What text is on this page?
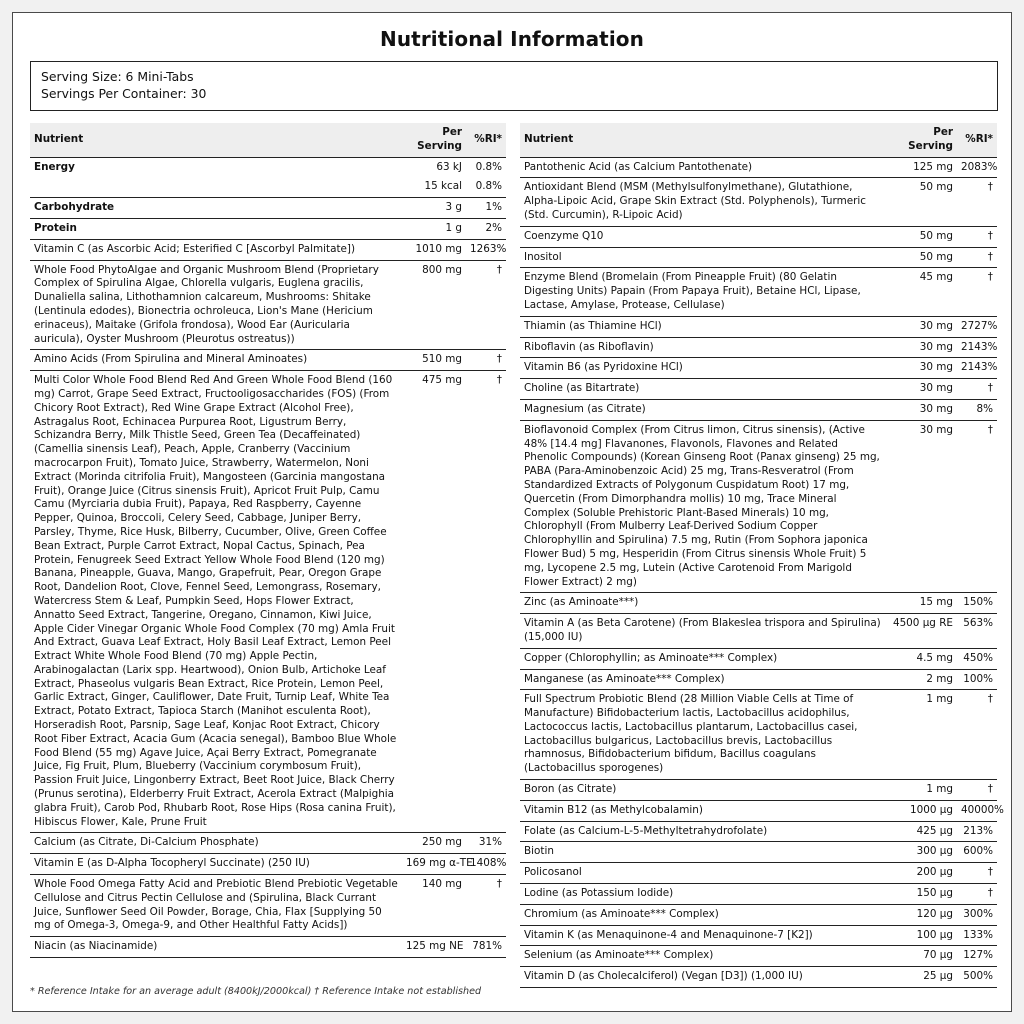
Nutritional Information
Serving Size: 6 Mini-Tabs
Servings Per Container: 30
Nutrient	Per Serving	%RI*
Energy	63 kJ	0.8%
	15 kcal	0.8%
Carbohydrate	3 g	1%
Protein	1 g	2%
Vitamin C (as Ascorbic Acid; Esterified C [Ascorbyl Palmitate])	1010 mg	1263%
Whole Food PhytoAlgae and Organic Mushroom Blend (Proprietary Complex of Spirulina Algae, Chlorella vulgaris, Euglena gracilis, Dunaliella salina, Lithothamnion calcareum, Mushrooms: Shitake (Lentinula edodes), Bionectria ochroleuca, Lion's Mane (Hericium erinaceus), Maitake (Grifola frondosa), Wood Ear (Auricularia auricula), Oyster Mushroom (Pleurotus ostreatus))	800 mg	†
Amino Acids (From Spirulina and Mineral Aminoates)	510 mg	†
Multi Color Whole Food Blend Red And Green Whole Food Blend (160 mg) Carrot, Grape Seed Extract, Fructooligosaccharides (FOS) (From Chicory Root Extract), Red Wine Grape Extract (Alcohol Free), Astragalus Root, Echinacea Purpurea Root, Ligustrum Berry, Schizandra Berry, Milk Thistle Seed, Green Tea (Decaffeinated) (Camellia sinensis Leaf), Peach, Apple, Cranberry (Vaccinium macrocarpon Fruit), Tomato Juice, Strawberry, Watermelon, Noni Extract (Morinda citrifolia Fruit), Mangosteen (Garcinia mangostana Fruit), Orange Juice (Citrus sinensis Fruit), Apricot Fruit Pulp, Camu Camu (Myrciaria dubia Fruit), Papaya, Red Raspberry, Cayenne Pepper, Quinoa, Broccoli, Celery Seed, Cabbage, Juniper Berry, Parsley, Thyme, Rice Husk, Bilberry, Cucumber, Olive, Green Coffee Bean Extract, Purple Carrot Extract, Nopal Cactus, Spinach, Pea Protein, Fenugreek Seed Extract Yellow Whole Food Blend (120 mg) Banana, Pineapple, Guava, Mango, Grapefruit, Pear, Oregon Grape Root, Dandelion Root, Clove, Fennel Seed, Lemongrass, Rosemary, Watercress Stem & Leaf, Pumpkin Seed, Hops Flower Extract, Annatto Seed Extract, Tangerine, Oregano, Cinnamon, Kiwi Juice, Apple Cider Vinegar Organic Whole Food Complex (70 mg) Amla Fruit And Extract, Guava Leaf Extract, Holy Basil Leaf Extract, Lemon Peel Extract White Whole Food Blend (70 mg) Apple Pectin, Arabinogalactan (Larix spp. Heartwood), Onion Bulb, Artichoke Leaf Extract, Phaseolus vulgaris Bean Extract, Rice Protein, Lemon Peel, Garlic Extract, Ginger, Cauliflower, Date Fruit, Turnip Leaf, White Tea Extract, Potato Extract, Tapioca Starch (Manihot esculenta Root), Horseradish Root, Parsnip, Sage Leaf, Konjac Root Extract, Chicory Root Fiber Extract, Acacia Gum (Acacia senegal), Bamboo Blue Whole Food Blend (55 mg) Agave Juice, Açai Berry Extract, Pomegranate Juice, Fig Fruit, Plum, Blueberry (Vaccinium corymbosum Fruit), Passion Fruit Juice, Lingonberry Extract, Beet Root Juice, Black Cherry (Prunus serotina), Elderberry Fruit Extract, Acerola Extract (Malpighia glabra Fruit), Carob Pod, Rhubarb Root, Rose Hips (Rosa canina Fruit), Hibiscus Flower, Kale, Prune Fruit	475 mg	†
Calcium (as Citrate, Di-Calcium Phosphate)	250 mg	31%
Vitamin E (as D-Alpha Tocopheryl Succinate) (250 IU)	169 mg α-TE	1408%
Whole Food Omega Fatty Acid and Prebiotic Blend Prebiotic Vegetable Cellulose and Citrus Pectin Cellulose and (Spirulina, Black Currant Juice, Sunflower Seed Oil Powder, Borage, Chia, Flax [Supplying 50 mg of Omega-3, Omega-9, and Other Healthful Fatty Acids])	140 mg	†
Niacin (as Niacinamide)	125 mg NE	781%
Nutrient	Per Serving	%RI*
Pantothenic Acid (as Calcium Pantothenate)	125 mg	2083%
Antioxidant Blend (MSM (Methylsulfonylmethane), Glutathione, Alpha-Lipoic Acid, Grape Skin Extract (Std. Polyphenols), Turmeric (Std. Curcumin), R-Lipoic Acid)	50 mg	†
Coenzyme Q10	50 mg	†
Inositol	50 mg	†
Enzyme Blend (Bromelain (From Pineapple Fruit) (80 Gelatin Digesting Units) Papain (From Papaya Fruit), Betaine HCl, Lipase, Lactase, Amylase, Protease, Cellulase)	45 mg	†
Thiamin (as Thiamine HCl)	30 mg	2727%
Riboflavin (as Riboflavin)	30 mg	2143%
Vitamin B6 (as Pyridoxine HCl)	30 mg	2143%
Choline (as Bitartrate)	30 mg	†
Magnesium (as Citrate)	30 mg	8%
Bioflavonoid Complex (From Citrus limon, Citrus sinensis), (Active 48% [14.4 mg] Flavanones, Flavonols, Flavones and Related Phenolic Compounds) (Korean Ginseng Root (Panax ginseng) 25 mg, PABA (Para-Aminobenzoic Acid) 25 mg, Trans-Resveratrol (From Standardized Extracts of Polygonum Cuspidatum Root) 17 mg, Quercetin (From Dimorphandra mollis) 10 mg, Trace Mineral Complex (Soluble Prehistoric Plant-Based Minerals) 10 mg, Chlorophyll (From Mulberry Leaf-Derived Sodium Copper Chlorophyllin and Spirulina) 7.5 mg, Rutin (From Sophora japonica Flower Bud) 5 mg, Hesperidin (From Citrus sinensis Whole Fruit) 5 mg, Lycopene 2.5 mg, Lutein (Active Carotenoid From Marigold Flower Extract) 2 mg)	30 mg	†
Zinc (as Aminoate***)	15 mg	150%
Vitamin A (as Beta Carotene) (From Blakeslea trispora and Spirulina) (15,000 IU)	4500 µg RE	563%
Copper (Chlorophyllin; as Aminoate*** Complex)	4.5 mg	450%
Manganese (as Aminoate*** Complex)	2 mg	100%
Full Spectrum Probiotic Blend (28 Million Viable Cells at Time of Manufacture) Bifidobacterium lactis, Lactobacillus acidophilus, Lactococcus lactis, Lactobacillus plantarum, Lactobacillus casei, Lactobacillus bulgaricus, Lactobacillus brevis, Lactobacillus rhamnosus, Bifidobacterium bifidum, Bacillus coagulans (Lactobacillus sporogenes)	1 mg	†
Boron (as Citrate)	1 mg	†
Vitamin B12 (as Methylcobalamin)	1000 µg	40000%
Folate (as Calcium-L-5-Methyltetrahydrofolate)	425 µg	213%
Biotin	300 µg	600%
Policosanol	200 µg	†
Lodine (as Potassium Iodide)	150 µg	†
Chromium (as Aminoate*** Complex)	120 µg	300%
Vitamin K (as Menaquinone-4 and Menaquinone-7 [K2])	100 µg	133%
Selenium (as Aminoate*** Complex)	70 µg	127%
Vitamin D (as Cholecalciferol) (Vegan [D3]) (1,000 IU)	25 µg	500%
* Reference Intake for an average adult (8400kJ/2000kcal) † Reference Intake not established
